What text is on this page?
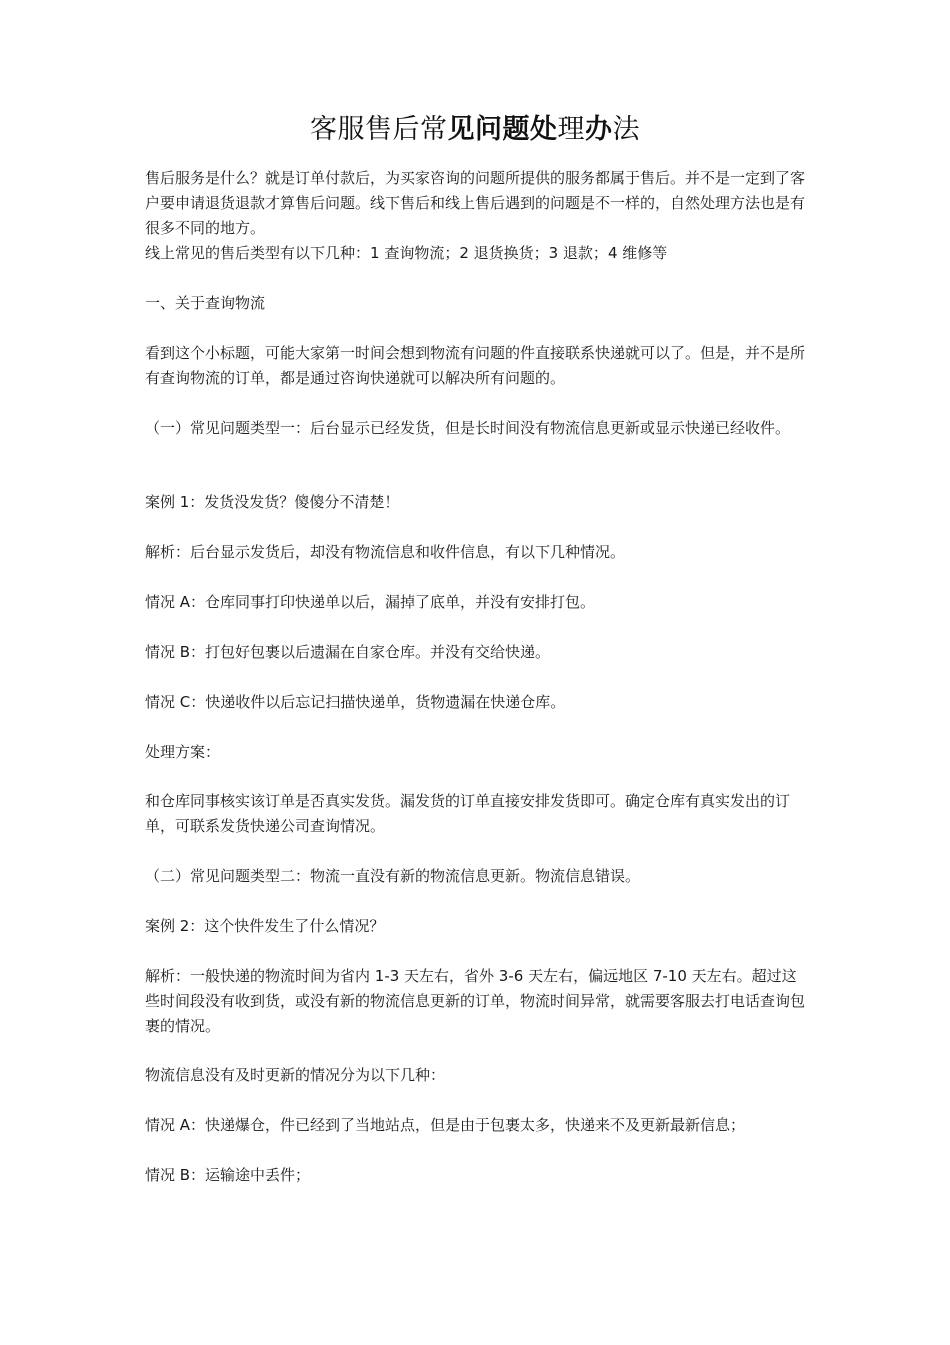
客服售后常见问题处理办法

售后服务是什么？就是订单付款后，为买家咨询的问题所提供的服务都属于售后。并不是一定到了客户要申请退货退款才算售后问题。线下售后和线上售后遇到的问题是不一样的，自然处理方法也是有很多不同的地方。

线上常见的售后类型有以下几种：1 查询物流；2 退货换货；3 退款；4 维修等

一、关于查询物流

看到这个小标题，可能大家第一时间会想到物流有问题的件直接联系快递就可以了。但是，并不是所有查询物流的订单，都是通过咨询快递就可以解决所有问题的。

（一）常见问题类型一：后台显示已经发货，但是长时间没有物流信息更新或显示快递已经收件。

案例 1：发货没发货？傻傻分不清楚！

解析：后台显示发货后，却没有物流信息和收件信息，有以下几种情况。

情况 A：仓库同事打印快递单以后，漏掉了底单，并没有安排打包。

情况 B：打包好包裹以后遗漏在自家仓库。并没有交给快递。

情况 C：快递收件以后忘记扫描快递单，货物遗漏在快递仓库。

处理方案：

和仓库同事核实该订单是否真实发货。漏发货的订单直接安排发货即可。确定仓库有真实发出的订单，可联系发货快递公司查询情况。

（二）常见问题类型二：物流一直没有新的物流信息更新。物流信息错误。

案例 2：这个快件发生了什么情况？

解析：一般快递的物流时间为省内 1-3 天左右，省外 3-6 天左右，偏远地区 7-10 天左右。超过这些时间段没有收到货，或没有新的物流信息更新的订单，物流时间异常，就需要客服去打电话查询包裹的情况。

物流信息没有及时更新的情况分为以下几种：

情况 A：快递爆仓，件已经到了当地站点，但是由于包裹太多，快递来不及更新最新信息；

情况 B：运输途中丢件；
